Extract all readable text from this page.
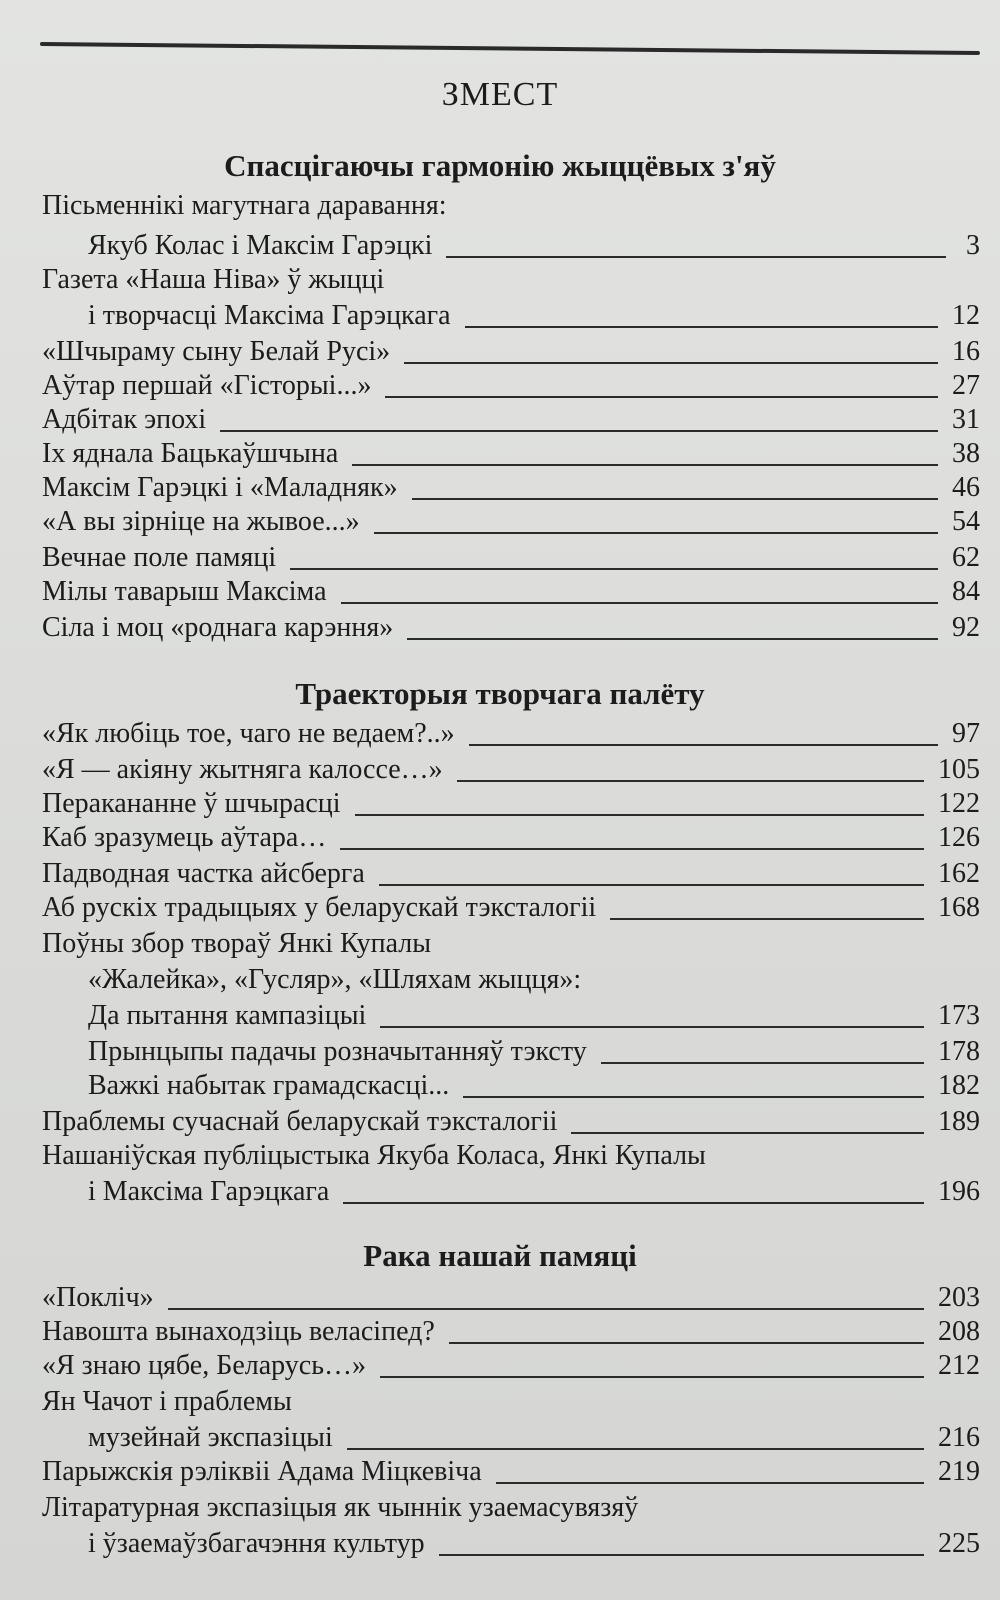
ЗМЕСТ
Спасцігаючы гармонію жыццёвых з'яў
Пісьменнікі магутнага даравання:
Якуб Колас і Максім Гарэцкі	3
Газета «Наша Ніва» ў жыцці
і творчасці Максіма Гарэцкага	12
«Шчыраму сыну Белай Русі»	16
Аўтар першай «Гісторыі...»	27
Адбітак эпохі	31
Іх яднала Бацькаўшчына	38
Максім Гарэцкі і «Маладняк»	46
«А вы зірніце на жывое...»	54
Вечнае поле памяці	62
Мілы таварыш Максіма	84
Сіла і моц «роднага карэння»	92
Траекторыя творчага палёту
«Як любіць тое, чаго не ведаем?..»	97
«Я — акіяну жытняга калоссе…»	105
Перакананне ў шчырасці	122
Каб зразумець аўтара…	126
Падводная частка айсберга	162
Аб рускіх традыцыях у беларускай тэксталогіі	168
Поўны збор твораў Янкі Купалы
«Жалейка», «Гусляр», «Шляхам жыцця»:
Да пытання кампазіцыі	173
Прынцыпы падачы розначытанняў тэксту	178
Важкі набытак грамадскасці...	182
Праблемы сучаснай беларускай тэксталогіі	189
Нашаніўская публіцыстыка Якуба Коласа, Янкі Купалы
і Максіма Гарэцкага	196
Рака нашай памяці
«Покліч»	203
Навошта вынаходзіць веласіпед?	208
«Я знаю цябе, Беларусь…»	212
Ян Чачот і праблемы
музейнай экспазіцыі	216
Парыжскія рэліквіі Адама Міцкевіча	219
Літаратурная экспазіцыя як чыннік узаемасувязяў
і ўзаемаўзбагачэння культур	225
